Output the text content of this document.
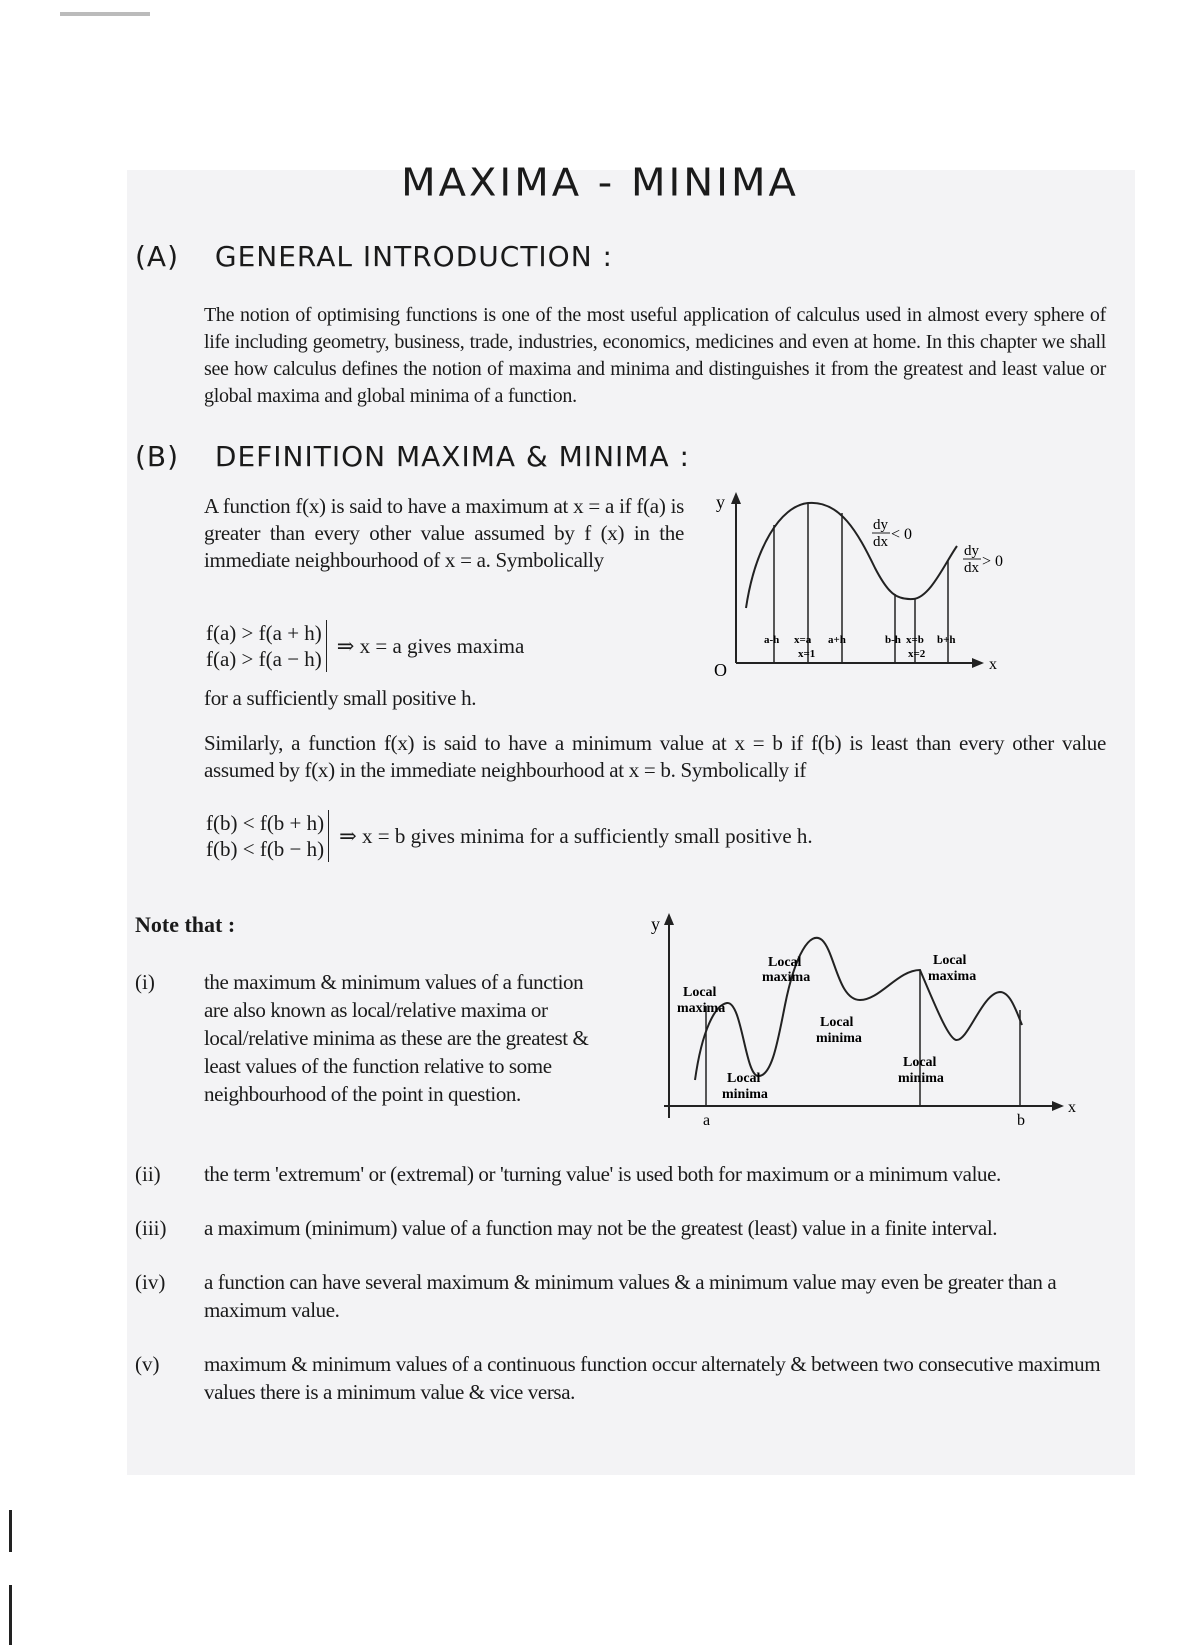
MAXIMA - MINIMA
(A) GENERAL INTRODUCTION :
The notion of optimising functions is one of the most useful application of calculus used in almost every sphere of life including geometry, business, trade, industries, economics, medicines and even at home. In this chapter we shall see how calculus defines the notion of maxima and minima and distinguishes it from the greatest and least value or global maxima and global minima of a function.
(B) DEFINITION MAXIMA & MINIMA :
A function f(x) is said to have a maximum at x = a if f(a) is greater than every other value assumed by f (x) in the immediate neighbourhood of x = a. Symbolically
f(a) > f(a + h)
f(a) > f(a − h)
⇒ x = a gives maxima
for a sufficiently small positive h.
y
x
O
a-h x=a a+h	b-h x=b b+h
x=1	x=2
dy
dx < 0
dy
dx > 0
Similarly, a function f(x) is said to have a minimum value at x = b if f(b) is least than every other value assumed by f(x) in the immediate neighbourhood at x = b. Symbolically if
f(b) < f(b + h)
f(b) < f(b − h)
⇒ x = b gives minima for a sufficiently small positive h.
Note that :
(i) the maximum & minimum values of a function are also known as local/relative maxima or local/relative minima as these are the greatest & least values of the function relative to some neighbourhood of the point in question.
y
x
a	b
Local
maxima
Local
maxima
Local
minima
Local
minima
Local
maxima
Local
minima
(ii) the term 'extremum' or (extremal) or 'turning value' is used both for maximum or a minimum value.
(iii) a maximum (minimum) value of a function may not be the greatest (least) value in a finite interval.
(iv) a function can have several maximum & minimum values & a minimum value may even be greater than a maximum value.
(v) maximum & minimum values of a continuous function occur alternately & between two consecutive maximum values there is a minimum value & vice versa.
